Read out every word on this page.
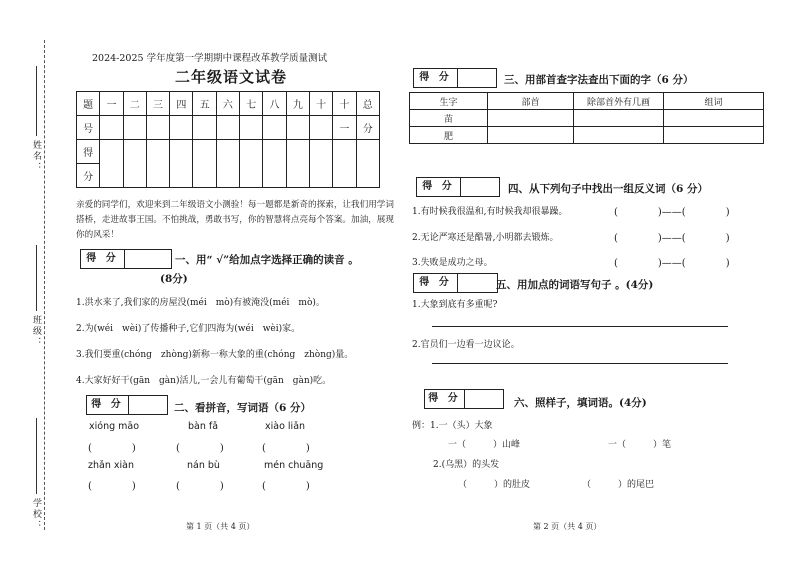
姓名：
班级：
学校：
2024-2025 学年度第一学期期中课程改革教学质量测试
二年级语文试卷
题	一	二	三	四	五	六	七	八	九	十	十	总
号											一	分
得												
分												
亲爱的同学们，欢迎来到二年级语文小测验！每一题都是新奇的探索，让我们用学词搭桥，走进故事王国。不怕挑战，勇敢书写，你的智慧将点亮每个答案。加油，展现你的风采！
得 分	一、用“ √”给加点字选择正确的读音 。
(8分)
1.洪水来了,我们家的房屋没(méi　mò)有被淹没(méi　mò)。
2.为(wéi　wèi)了传播种子,它们四海为(wéi　wèi)家。
3.我们要重(chóng　zhòng)新称一称大象的重(chóng　zhòng)量。
4.大家好好干(gān　gàn)活儿,一会儿有葡萄干(gān　gàn)吃。
得 分	二、看拼音，写词语（6 分）
xióng māo	bàn fǎ	xiào liǎn
(　　　　)	(　　　　)	(　　　　)
zhǎn xiàn	nán bù	mén chuāng
(　　　　)	(　　　　)	(　　　　)
得 分	三、用部首查字法查出下面的字（6 分）
生字	部首	除部首外有几画	组词
苗			
肥			
得 分	四、从下列句子中找出一组反义词（6 分）
1.有时候我很温和,有时候我却很暴躁。	(　　　　)——(　　　　)
2.无论严寒还是酷暑,小明都去锻炼。	(　　　　)——(　　　　)
3.失败是成功之母。	(　　　　)——(　　　　)
得 分	五、用加点的词语写句子 。(4分)
1.大象到底有多重呢?
2.官员们一边看一边议论。
得 分	六、照样子，填词语。(4分)
例：1.一（头）大象
一（　　　）山峰	一（　　　）笔
2.(乌黑）的头发
（　　　）的肚皮	（　　　）的尾巴
第 1 页（共 4 页）	第 2 页（共 4 页）
